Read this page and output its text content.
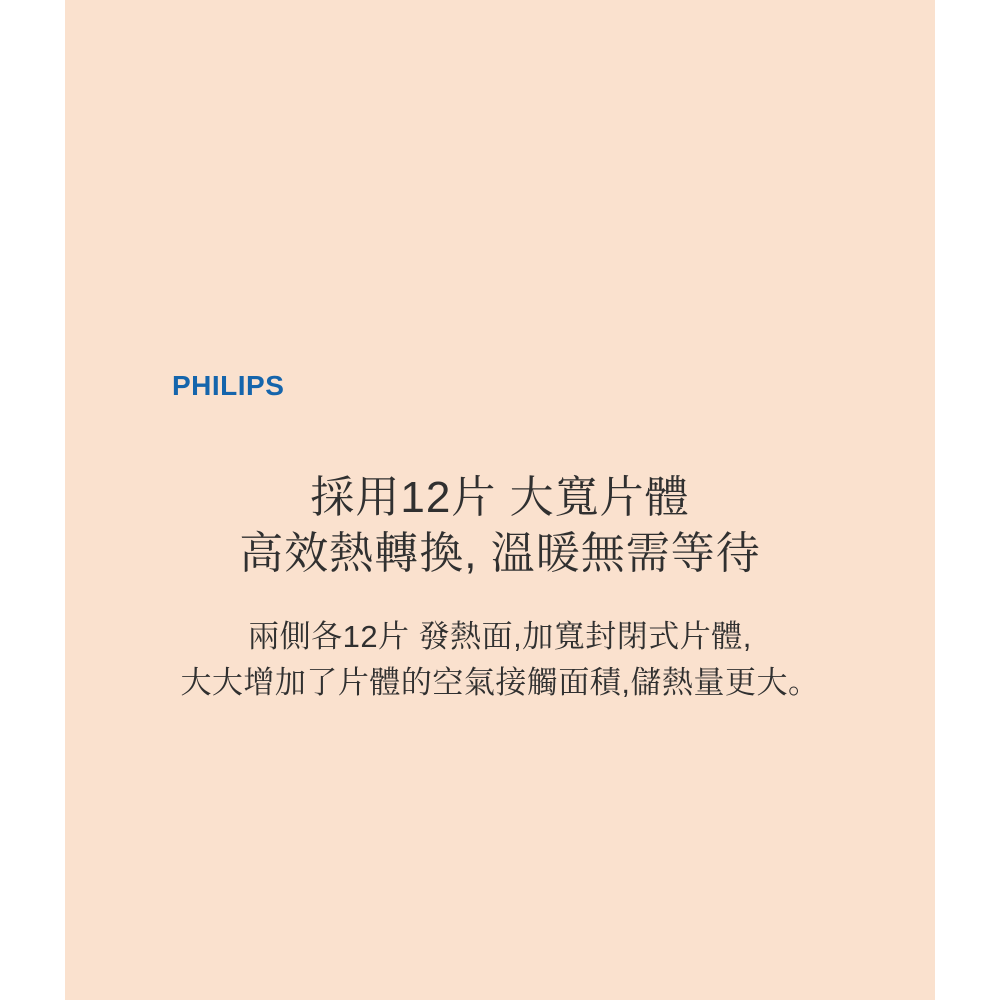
PHILIPS
採用12片 大寬片體
高效熱轉換, 溫暖無需等待
兩側各12片 發熱面,加寬封閉式片體,
大大增加了片體的空氣接觸面積,儲熱量更大。
